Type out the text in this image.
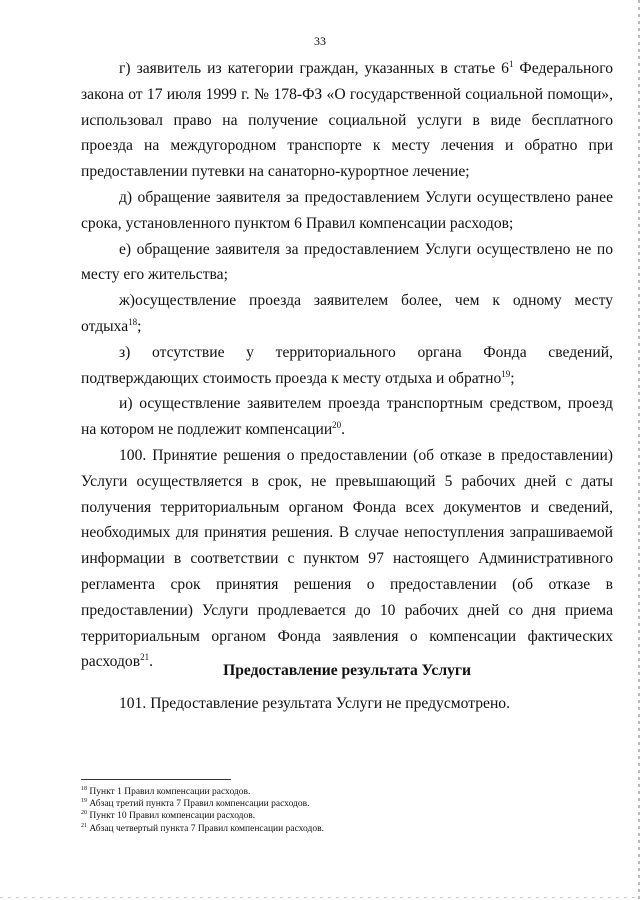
33

г) заявитель из категории граждан, указанных в статье $6^1$ Федерального закона от 17 июля 1999 г. № 178-ФЗ «О государственной социальной помощи», использовал право на получение социальной услуги в виде бесплатного проезда на междугородном транспорте к месту лечения и обратно при предоставлении путевки на санаторно-курортное лечение;

д) обращение заявителя за предоставлением Услуги осуществлено ранее срока, установленного пунктом 6 Правил компенсации расходов;

е) обращение заявителя за предоставлением Услуги осуществлено не по месту его жительства;

ж)осуществление проезда заявителем более, чем к одному месту отдыха$^{18}$;

з) отсутствие у территориального органа Фонда сведений, подтверждающих стоимость проезда к месту отдыха и обратно$^{19}$;

и) осуществление заявителем проезда транспортным средством, проезд на котором не подлежит компенсации$^{20}$.

100. Принятие решения о предоставлении (об отказе в предоставлении) Услуги осуществляется в срок, не превышающий 5 рабочих дней с даты получения территориальным органом Фонда всех документов и сведений, необходимых для принятия решения. В случае непоступления запрашиваемой информации в соответствии с пунктом 97 настоящего Административного регламента срок принятия решения о предоставлении (об отказе в предоставлении) Услуги продлевается до 10 рабочих дней со дня приема территориальным органом Фонда заявления о компенсации фактических расходов$^{21}$.

Предоставление результата Услуги

101. Предоставление результата Услуги не предусмотрено.

$^{18}$ Пункт 1 Правил компенсации расходов.
$^{19}$ Абзац третий пункта 7 Правил компенсации расходов.
$^{20}$ Пункт 10 Правил компенсации расходов.
$^{21}$ Абзац четвертый пункта 7 Правил компенсации расходов.
